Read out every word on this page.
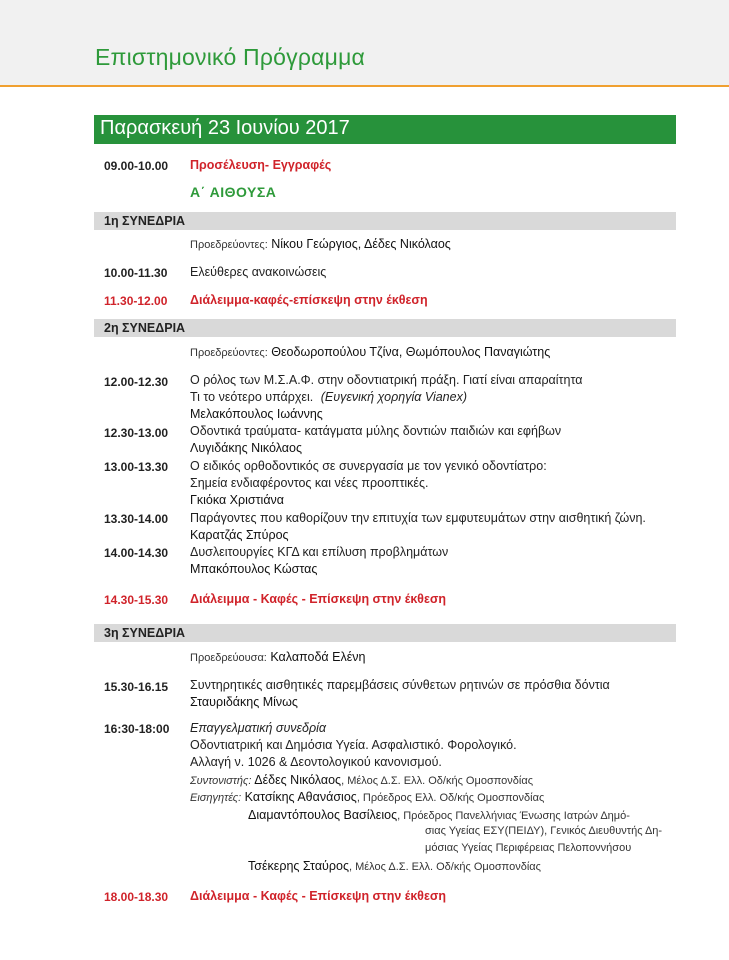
Επιστημονικό Πρόγραμμα
Παρασκευή 23 Ιουνίου 2017
09.00-10.00 Προσέλευση- Εγγραφές
Α΄ ΑΙΘΟΥΣΑ
1η ΣΥΝΕΔΡΙΑ
Προεδρεύοντες: Νίκου Γεώργιος, Δέδες Νικόλαος
10.00-11.30 Ελεύθερες ανακοινώσεις
11.30-12.00 Διάλειμμα-καφές-επίσκεψη στην έκθεση
2η ΣΥΝΕΔΡΙΑ
Προεδρεύοντες: Θεοδωροπούλου Τζίνα, Θωμόπουλος Παναγιώτης
12.00-12.30 Ο ρόλος των Μ.Σ.Α.Φ. στην οδοντιατρική πράξη. Γιατί είναι απαραίτητα
Τι το νεότερο υπάρχει. (Ευγενική χορηγία Vianex)
Μελακόπουλος Ιωάννης
12.30-13.00 Οδοντικά τραύματα- κατάγματα μύλης δοντιών παιδιών και εφήβων
Λυγιδάκης Νικόλαος
13.00-13.30 Ο ειδικός ορθοδοντικός σε συνεργασία με τον γενικό οδοντίατρο:
Σημεία ενδιαφέροντος και νέες προοπτικές.
Γκιόκα Χριστιάνα
13.30-14.00 Παράγοντες που καθορίζουν την επιτυχία των εμφυτευμάτων στην αισθητική ζώνη.
Καρατζάς Σπύρος
14.00-14.30 Δυσλειτουργίες ΚΓΔ και επίλυση προβλημάτων
Μπακόπουλος Κώστας
14.30-15.30 Διάλειμμα - Καφές - Επίσκεψη στην έκθεση
3η ΣΥΝΕΔΡΙΑ
Προεδρεύουσα: Καλαποδά Ελένη
15.30-16.15 Συντηρητικές αισθητικές παρεμβάσεις σύνθετων ρητινών σε πρόσθια δόντια
Σταυριδάκης Μίνως
16:30-18:00 Επαγγελματική συνεδρία
Οδοντιατρική και Δημόσια Υγεία. Ασφαλιστικό. Φορολογικό.
Αλλαγή ν. 1026 & Δεοντολογικού κανονισμού.
Συντονιστής: Δέδες Νικόλαος, Μέλος Δ.Σ. Ελλ. Οδ/κής Ομοσπονδίας
Εισηγητές: Κατσίκης Αθανάσιος, Πρόεδρος Ελλ. Οδ/κής Ομοσπονδίας
Διαμαντόπουλος Βασίλειος, Πρόεδρος Πανελλήνιας Ένωσης Ιατρών Δημό-
σιας Υγείας ΕΣΥ(ΠΕΙΔΥ), Γενικός Διευθυντής Δη-
μόσιας Υγείας Περιφέρειας Πελοποννήσου
Τσέκερης Σταύρος, Μέλος Δ.Σ. Ελλ. Οδ/κής Ομοσπονδίας
18.00-18.30 Διάλειμμα - Καφές - Επίσκεψη στην έκθεση
